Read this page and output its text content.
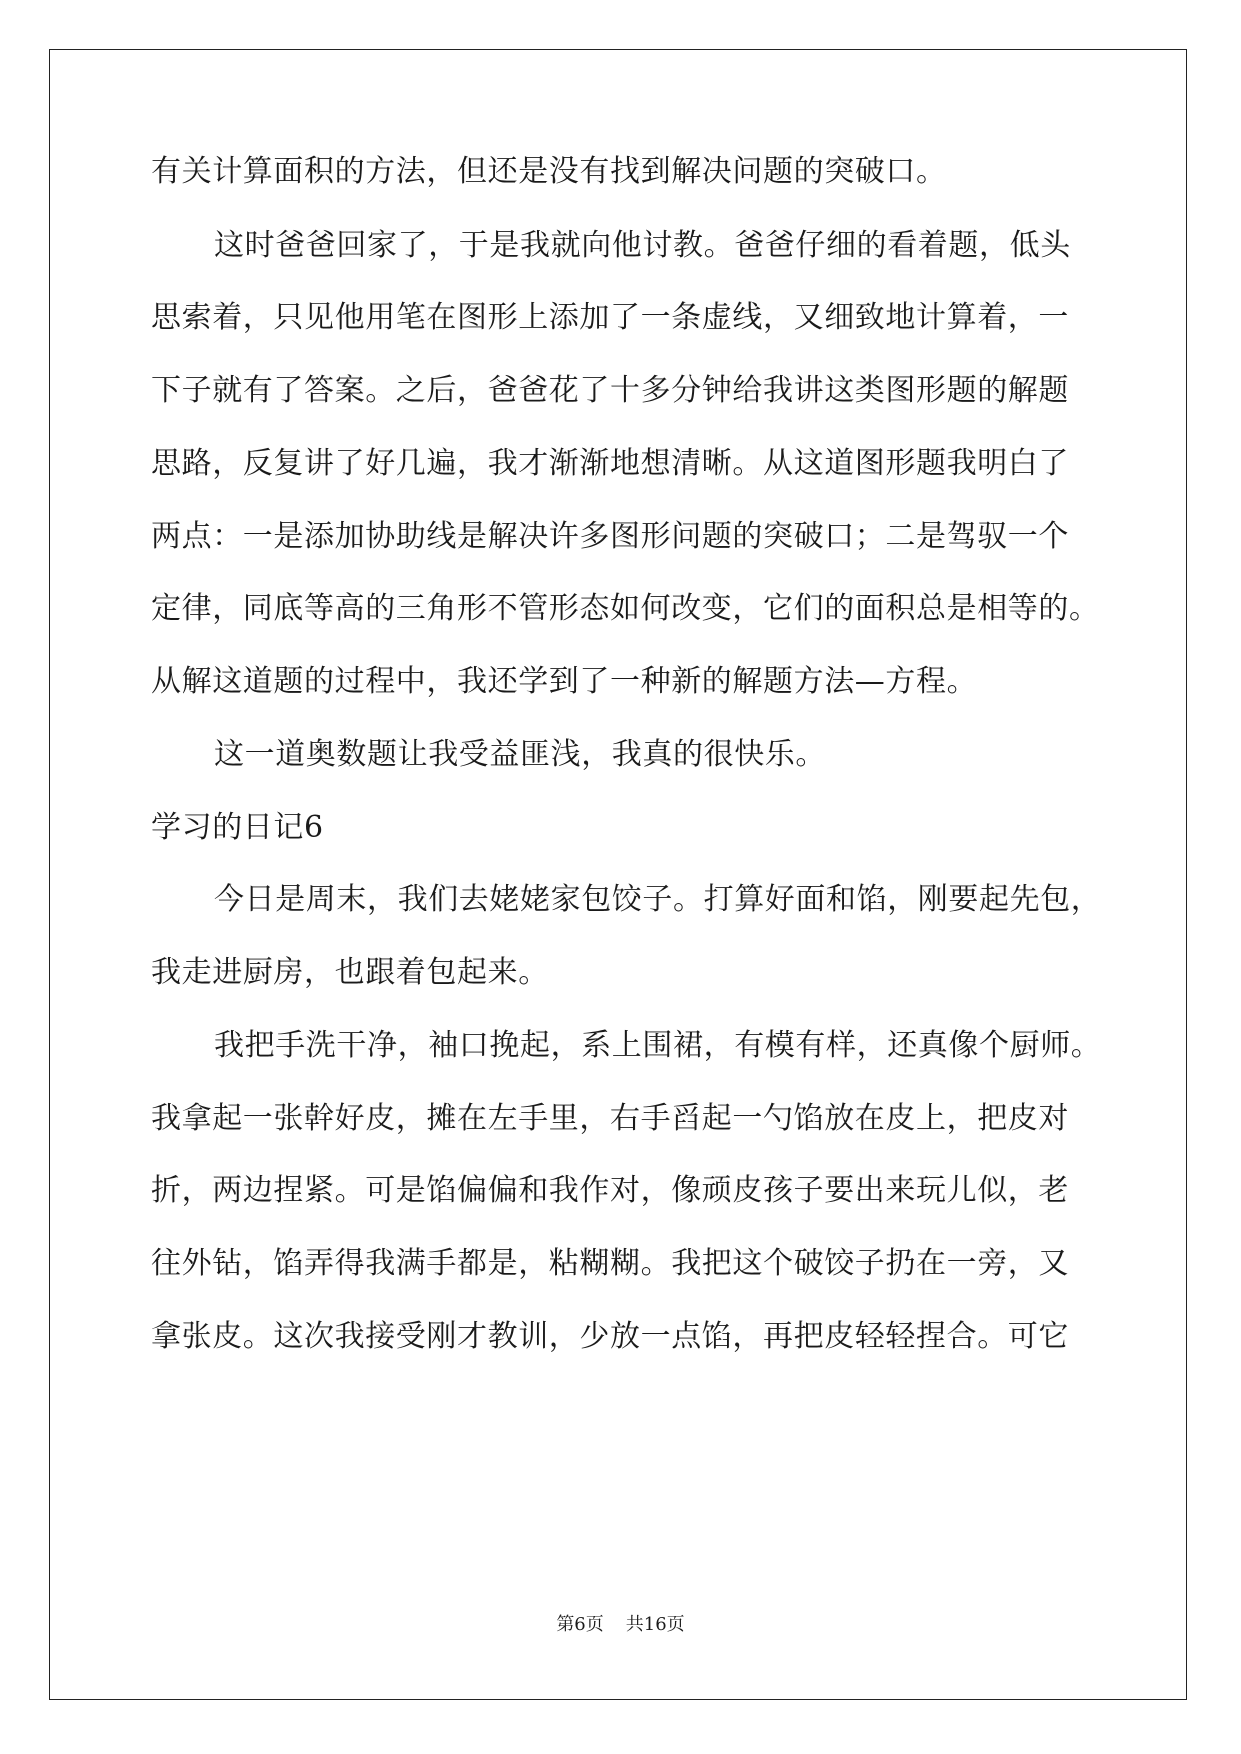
有关计算面积的方法，但还是没有找到解决问题的突破口。

这时爸爸回家了，于是我就向他讨教。爸爸仔细的看着题，低头

思索着，只见他用笔在图形上添加了一条虚线，又细致地计算着，一

下子就有了答案。之后，爸爸花了十多分钟给我讲这类图形题的解题

思路，反复讲了好几遍，我才渐渐地想清晰。从这道图形题我明白了

两点：一是添加协助线是解决许多图形问题的突破口；二是驾驭一个

定律，同底等高的三角形不管形态如何改变，它们的面积总是相等的。

从解这道题的过程中，我还学到了一种新的解题方法—方程。

这一道奥数题让我受益匪浅，我真的很快乐。

学习的日记6

今日是周末，我们去姥姥家包饺子。打算好面和馅，刚要起先包，

我走进厨房，也跟着包起来。

我把手洗干净，袖口挽起，系上围裙，有模有样，还真像个厨师。

我拿起一张幹好皮，摊在左手里，右手舀起一勺馅放在皮上，把皮对

折，两边捏紧。可是馅偏偏和我作对，像顽皮孩子要出来玩儿似，老

往外钻，馅弄得我满手都是，粘糊糊。我把这个破饺子扔在一旁，又

拿张皮。这次我接受刚才教训，少放一点馅，再把皮轻轻捏合。可它

第6页 共16页
